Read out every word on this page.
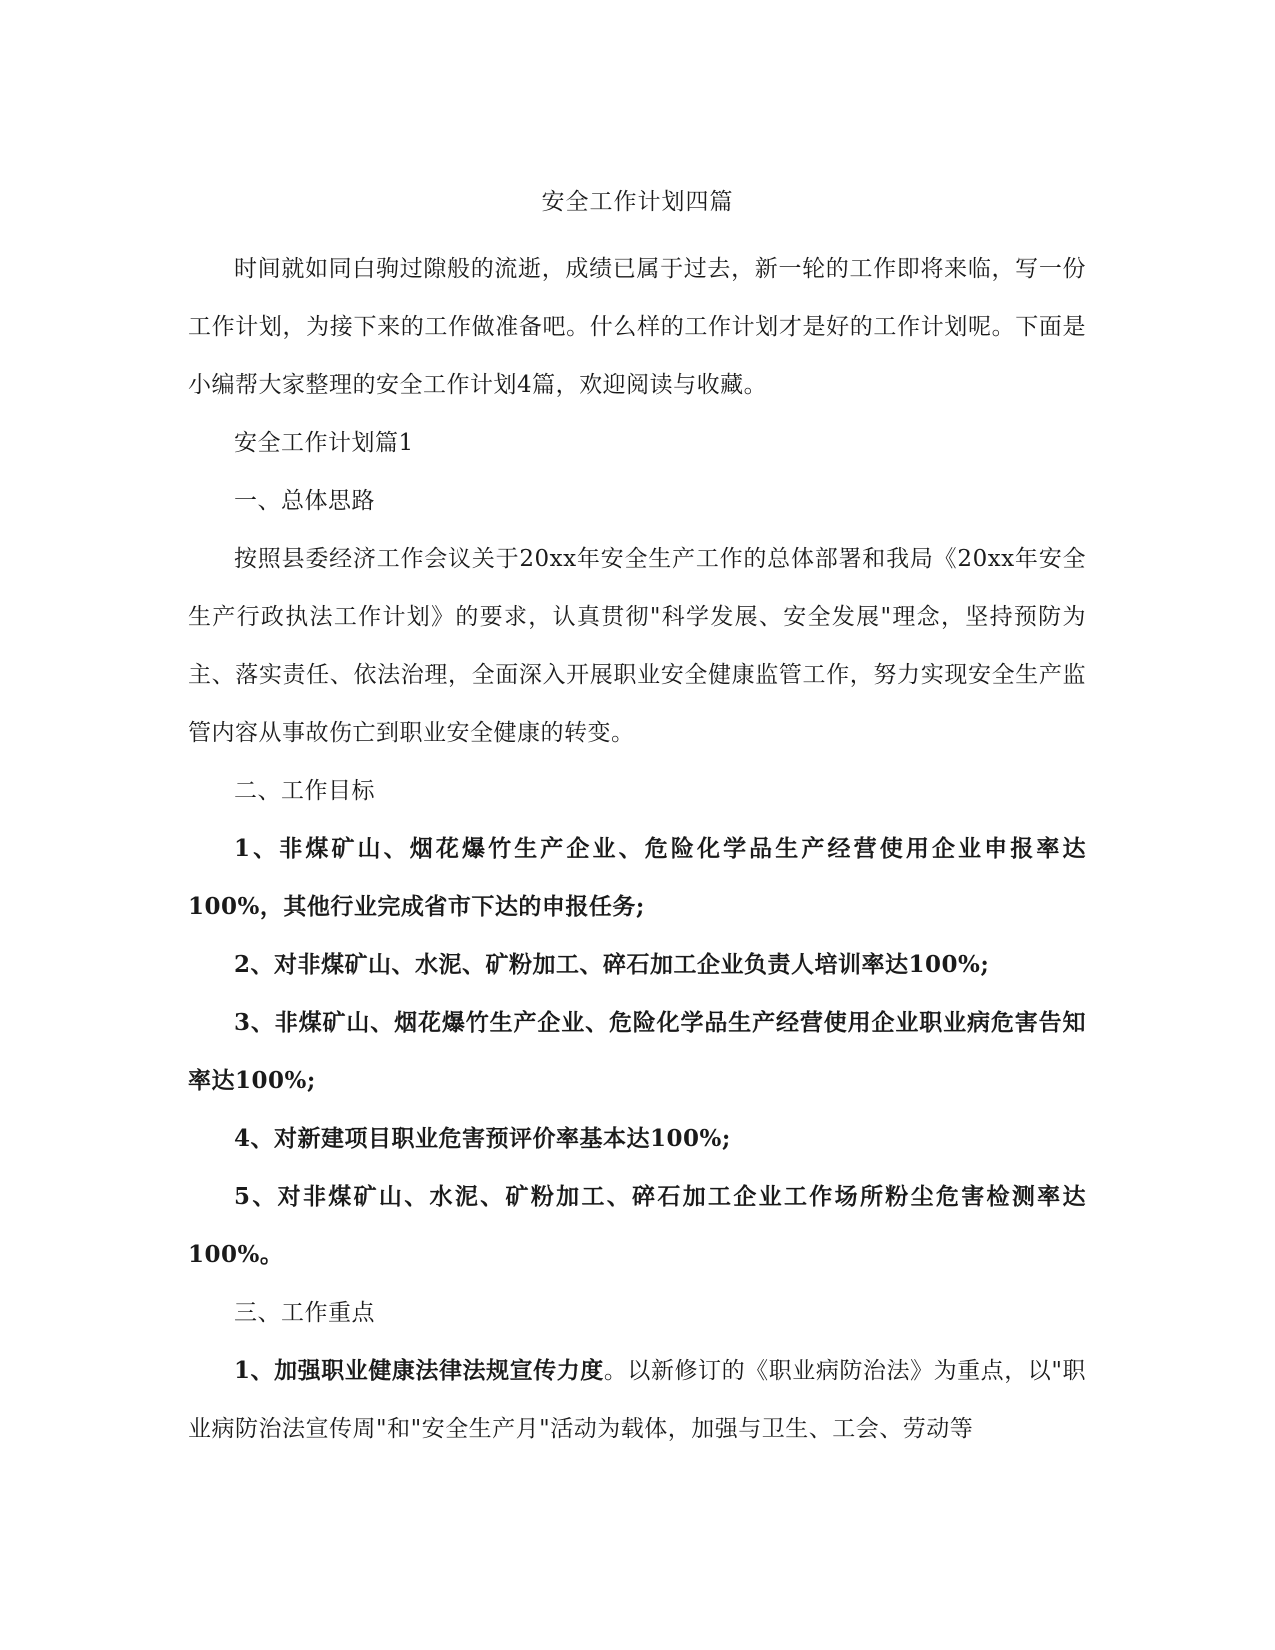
安全工作计划四篇

时间就如同白驹过隙般的流逝，成绩已属于过去，新一轮的工作即将来临，写一份工作计划，为接下来的工作做准备吧。什么样的工作计划才是好的工作计划呢。下面是小编帮大家整理的安全工作计划4篇，欢迎阅读与收藏。

安全工作计划篇1

一、总体思路

按照县委经济工作会议关于20xx年安全生产工作的总体部署和我局《20xx年安全生产行政执法工作计划》的要求，认真贯彻"科学发展、安全发展"理念，坚持预防为主、落实责任、依法治理，全面深入开展职业安全健康监管工作，努力实现安全生产监管内容从事故伤亡到职业安全健康的转变。

二、工作目标

1、非煤矿山、烟花爆竹生产企业、危险化学品生产经营使用企业申报率达100%，其他行业完成省市下达的申报任务;

2、对非煤矿山、水泥、矿粉加工、碎石加工企业负责人培训率达100%;

3、非煤矿山、烟花爆竹生产企业、危险化学品生产经营使用企业职业病危害告知率达100%;

4、对新建项目职业危害预评价率基本达100%;

5、对非煤矿山、水泥、矿粉加工、碎石加工企业工作场所粉尘危害检测率达100%。

三、工作重点

1、加强职业健康法律法规宣传力度。以新修订的《职业病防治法》为重点，以"职业病防治法宣传周"和"安全生产月"活动为载体，加强与卫生、工会、劳动等
